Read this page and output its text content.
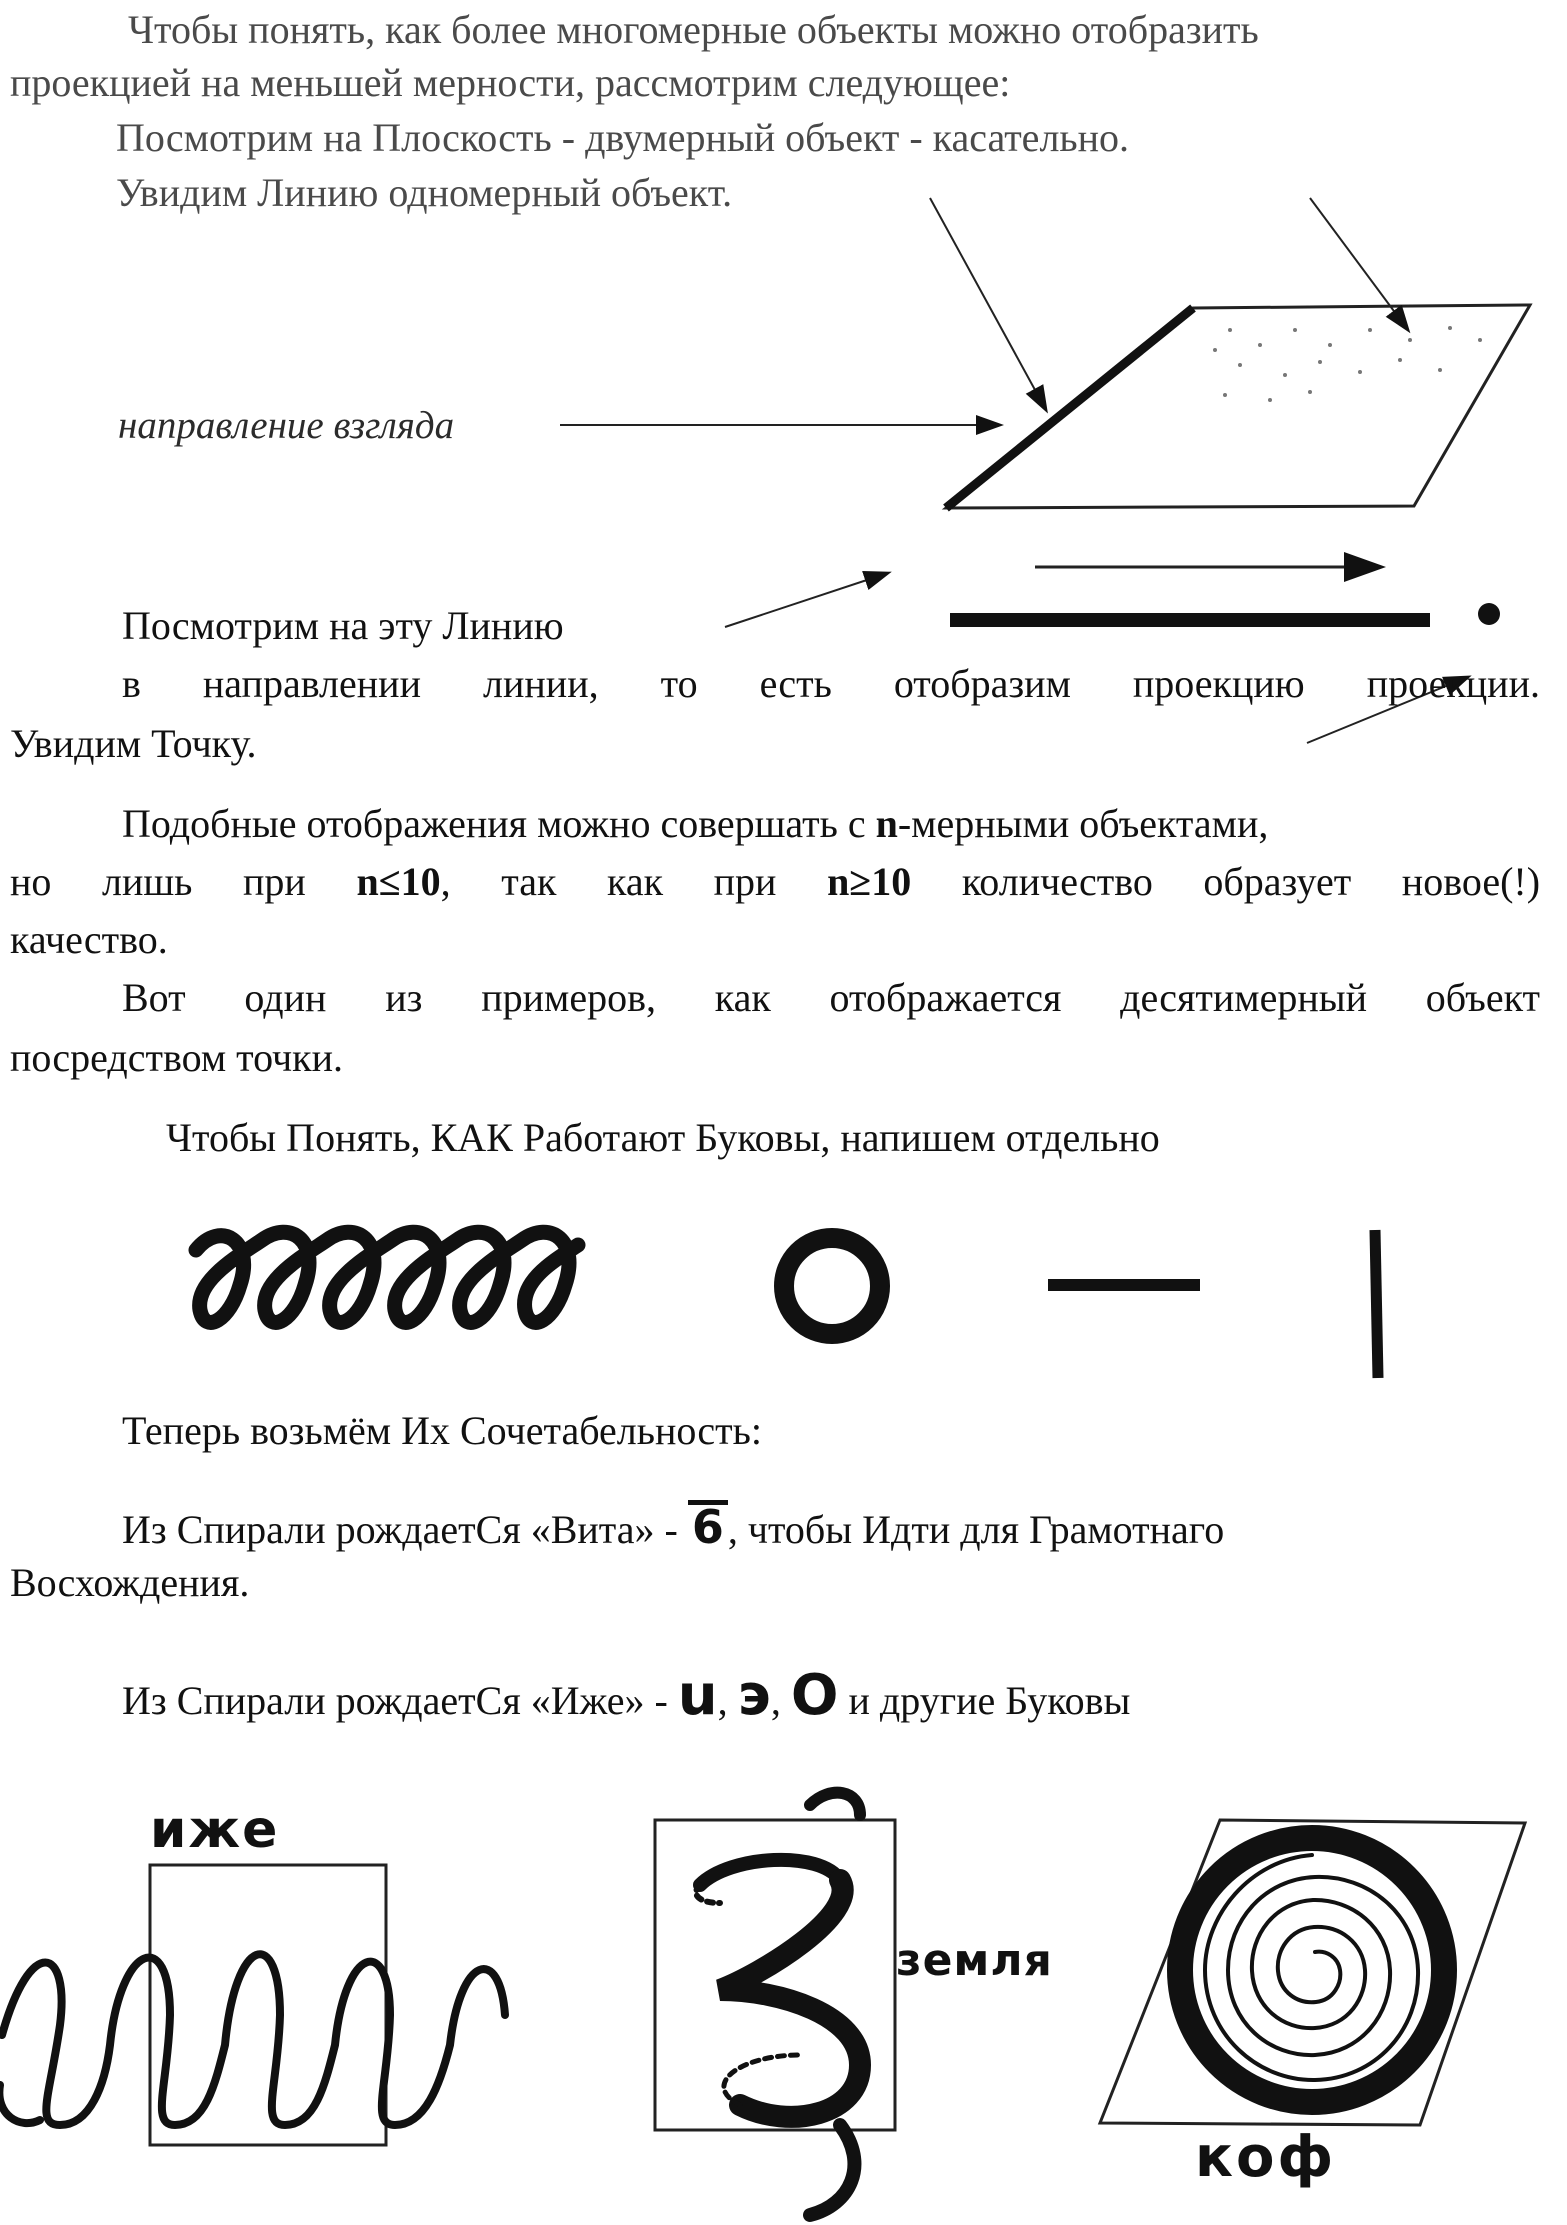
Чтобы понять, как более многомерные объекты можно отобразить
проекцией на меньшей мерности, рассмотрим следующее:
Посмотрим на Плоскость - двумерный объект - касательно.
Увидим Линию одномерный объект.
направление взгляда
Посмотрим на эту Линию
в направлении линии, то есть отобразим проекцию проекции.
Увидим Точку.
Подобные отображения можно совершать с n-мерными объектами,
но лишь при n≤10, так как при n≥10 количество образует новое(!)
качество.
Вот один из примеров, как отображается десятимерный объект
посредством точки.
Чтобы Понять, КАК Работают Буковы, напишем отдельно
Теперь возьмём Их Сочетабельность:
Из Спирали рождаетСя «Вита» - 6 , чтобы Идти для Грамотнаго
Восхождения.
Из Спирали рождаетСя «Иже» - u, э, O и другие Буковы
иже
земля
коф
